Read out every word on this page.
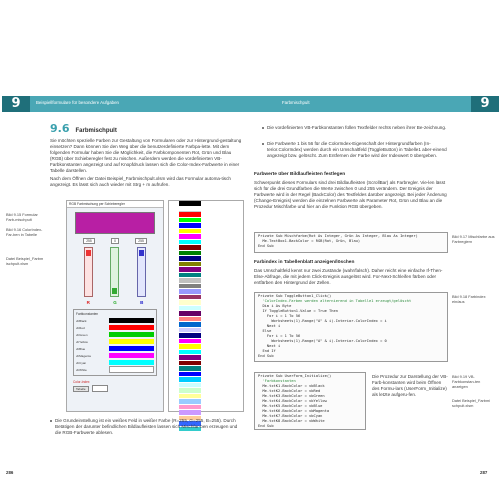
9	Beispiellformulare für besondere Aufgaben
9.6 Farbmischpult

Sie möchten spezielle Farben zur Gestaltung von Formularen oder zur Hintergrund-gestaltung einsetzen? Dann können Sie den Weg über die benutzerdefinierte Farbpa-lette. Mit dem folgenden Formular haben Sie die Möglichkeit, die Farbkomponenten Rot, Grün und Blau (RGB) über Schieberegler fest zu mischen. Außerdem werden die vordefinierten VB-Farbkonstanten angezeigt und auf Knopfdruck lassen sich die Color-Index-Farbwerte in einer Tabelle darstellen.

Nach dem Öffnen der Datei Beispiel_Farbmischpult.xlsm wird das Formular automa-tisch angezeigt. Es lässt sich auch wieder mit Strg + m aufrufen.

Bild 9.15 Formular Farb-mischpult
Bild 9.16 ColorIndex-Far-ben in Tabelle
Datei Beispiel_Farbm ischpult.xlsm
RGB Farbmischung per Schieberegler
255	0	255
R	G	B
Farbkonstanten
vbBlack
vbRed
vbGreen
vbYellow
vbBlue
vbMagenta
vbCyan
vbWhite
Color-Index
Tabelle

Die Grundeinstellung ist ein weißes Feld in weißer Farbe (R=255, G=255, B=255). Durch Betätigen der darunter befindlichen Bildlaufleisten lassen sich Mischfar-ben erzeugen und die RGB-Farbwerte ablesen.

286
9
Farbmischpult

Die vordefinierten VB-Farbkonstanten füllen Textfelder rechts neben ihrer Be-zeichnung.

Die Farbwerte 1 bis 56 für die ColorIndex-Eigenschaft der Hintergrundfarben (In-terior.ColorIndex) werden durch ein Umschaltfeld (ToggleButton) in Tabelle1 aber-einend angezeigt bzw. gelöscht. Zum Entfernen der Farbe wird der Indexwert 0 übergeben.

Farbwerte über Bildlaufleisten festlegen

Schwerpunkt dieses Formulars sind drei Bildlaufleisten (ScrollBar) als Farbregler. Vie-len lässt sich für die drei Grundfarben die Werte zwischen 0 und 255 verändern. Der Ereignis der Farbwerte wird in der Regel (BackColor) des Textfeldes darüber angezeigt. Bei jeder Änderung (Change-Ereignis) werden die einzelnen Farbwerte als Parameter Rot, Grün und Blau an die Prozedur Mischfarbe und hier an die Funktion RGB übergeben.

Private Sub Mischfarbe(Rot As Integer, Grün As Integer, Blau As Integer)
Me.TextBox1.BackColor = RGB(Rot, Grün, Blau)
End Sub
Bild 9.17 Mischfarbe aus Farbreglern
Farbindex in Tabellenblatt anzeigen/löschen

Das Umschaltfeld kennt nur zwei Zustände (wahr/falsch). Daher reicht eine einfache If-Then-Else-Abfrage, die mit jedem Click-Ereignis ausgelöst wird. For-Next-Schleifen färben oder entfärben den Hintergrund der Zellen.

Private Sub ToggleButton1_Click()
'ColorIndex-Farben werden alternierend in Tabelle1 erzeugt/gelöscht
Dim i As Byte
If ToggleButton1.Value = True Then
For i = 1 To 56
Worksheets(1).Range("A" & i).Interior.ColorIndex = i
Next i
Else
For i = 1 To 56
Worksheets(1).Range("A" & i).Interior.ColorIndex = 0
Next i
End If
End Sub
Bild 9.18 Farbindex ein/aus
Private Sub UserForm_Initialize()
'Farbkonstanten
Me.txtK1.BackColor = vbBlack
Me.txtK2.BackColor = vbRed
Me.txtK3.BackColor = vbGreen
Me.txtK4.BackColor = vbYellow
Me.txtK5.BackColor = vbBlue
Me.txtK6.BackColor = vbMagenta
Me.txtK7.BackColor = vbCyan
Me.txtK8.BackColor = vbWhite
End Sub

Die Prozedur zur Darstellung der VB-Farb-konstanten wird beim Öffnen des Formu-lars (UserForm_Initialize) als letzte aufgeru-fen.

Bild 9.19 VB-Farbkonstan-ten anzeigen
Datei Beispiel_Farbmi schpult.xlsm
287
